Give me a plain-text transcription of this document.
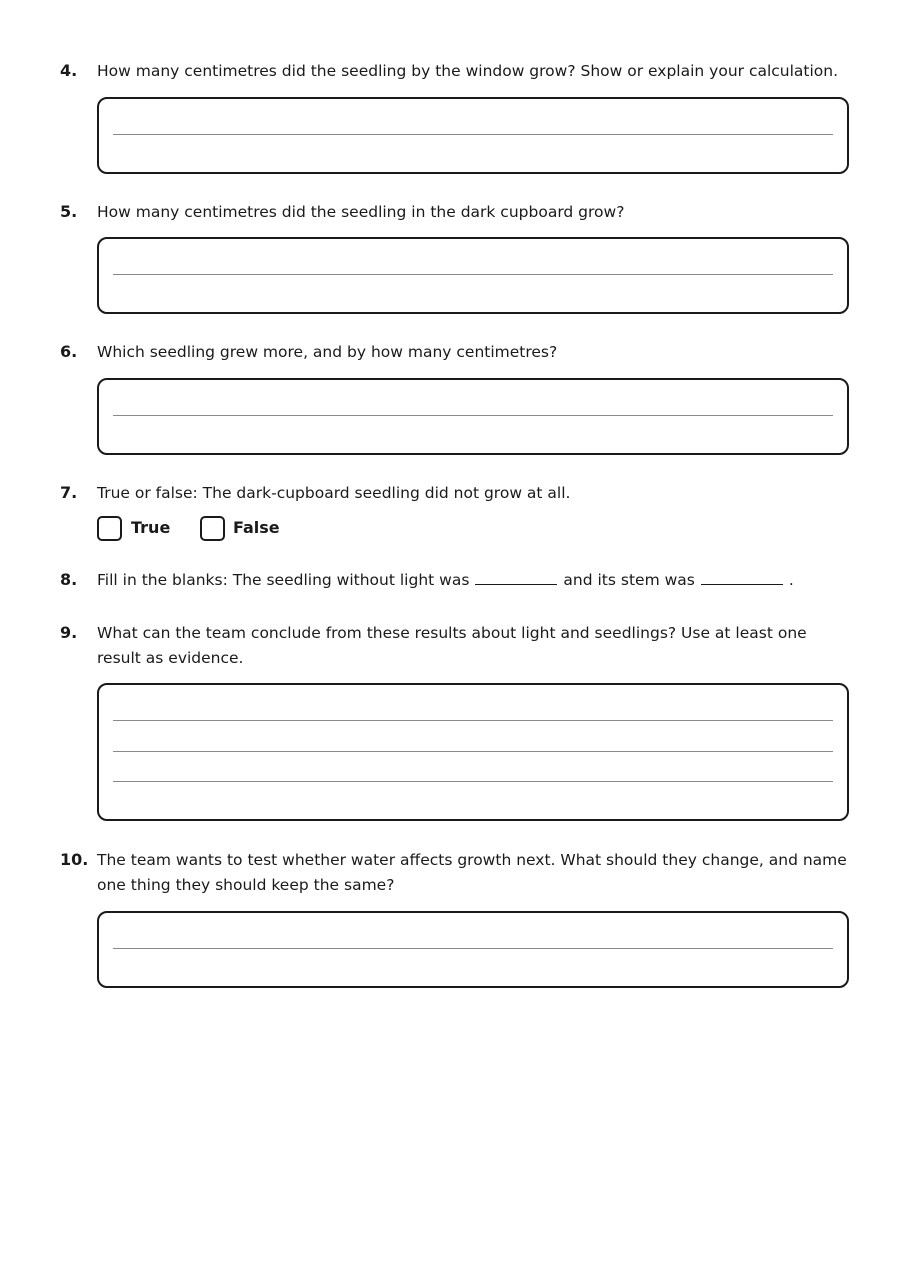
4. How many centimetres did the seedling by the window grow? Show or explain your calculation.
5. How many centimetres did the seedling in the dark cupboard grow?
6. Which seedling grew more, and by how many centimetres?
7. True or false: The dark-cupboard seedling did not grow at all.
True	False
8. Fill in the blanks: The seedling without light was	and its stem was	.
9. What can the team conclude from these results about light and seedlings? Use at least one result as evidence.
10. The team wants to test whether water affects growth next. What should they change, and name one thing they should keep the same?
